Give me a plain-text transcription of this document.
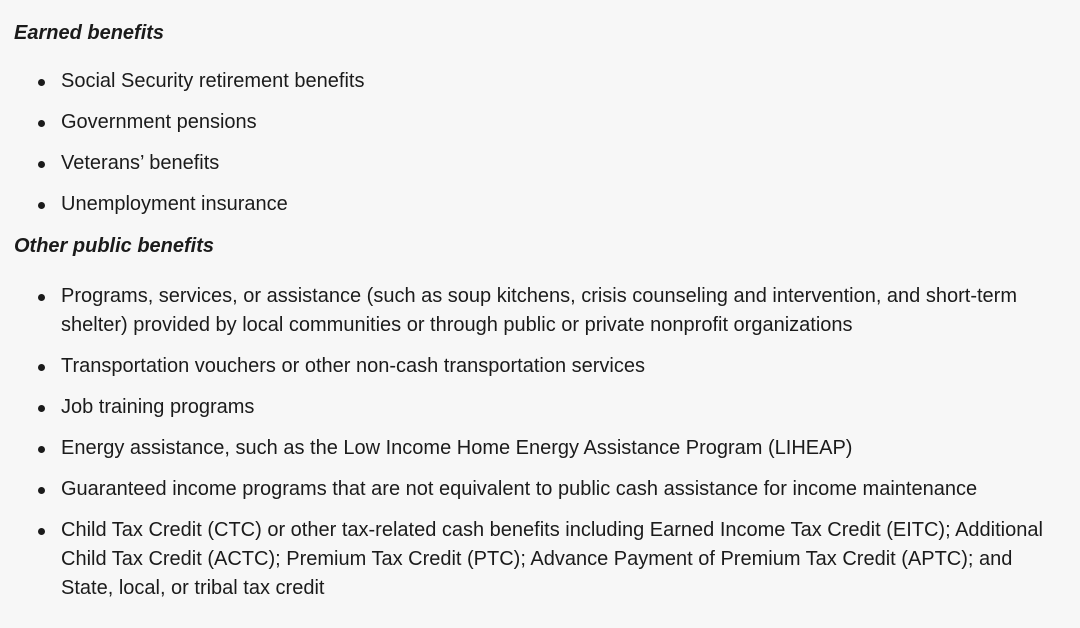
Earned benefits
Social Security retirement benefits
Government pensions
Veterans’ benefits
Unemployment insurance
Other public benefits
Programs, services, or assistance (such as soup kitchens, crisis counseling and intervention, and short-term shelter) provided by local communities or through public or private nonprofit organizations
Transportation vouchers or other non-cash transportation services
Job training programs
Energy assistance, such as the Low Income Home Energy Assistance Program (LIHEAP)
Guaranteed income programs that are not equivalent to public cash assistance for income maintenance
Child Tax Credit (CTC) or other tax-related cash benefits including Earned Income Tax Credit (EITC); Additional Child Tax Credit (ACTC); Premium Tax Credit (PTC); Advance Payment of Premium Tax Credit (APTC); and State, local, or tribal tax credit
